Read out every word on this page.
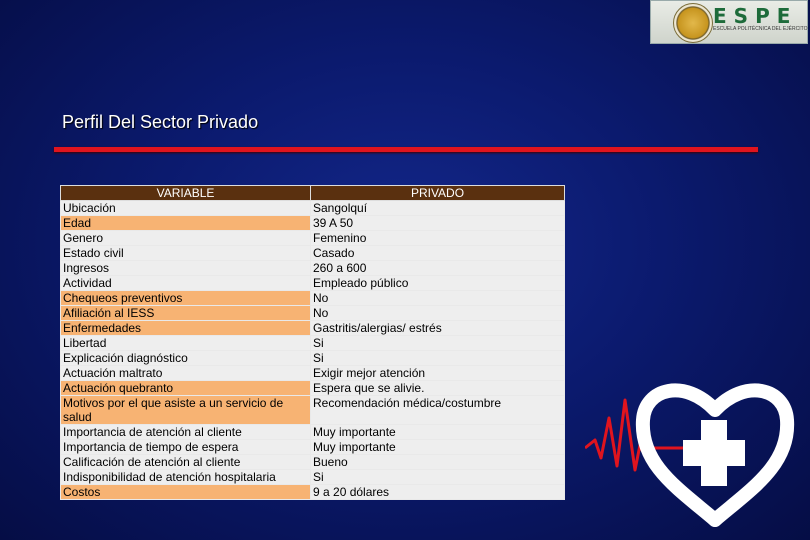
ESPE
ESCUELA POLITÉCNICA DEL EJÉRCITO
Perfil Del Sector Privado
VARIABLE	PRIVADO
Ubicación	Sangolquí
Edad	39 A 50
Genero	Femenino
Estado civil	Casado
Ingresos	260 a 600
Actividad	Empleado público
Chequeos preventivos	No
Afiliación al IESS	No
Enfermedades	Gastritis/alergias/ estrés
Libertad	Si
Explicación diagnóstico	Si
Actuación maltrato	Exigir mejor atención
Actuación quebranto	Espera que se alivie.
Motivos por el que asiste a un servicio de salud	Recomendación médica/costumbre
Importancia de atención al cliente	Muy importante
Importancia de tiempo de espera	Muy importante
Calificación de atención al cliente	Bueno
Indisponibilidad de atención hospitalaria	Si
Costos	9 a 20 dólares
